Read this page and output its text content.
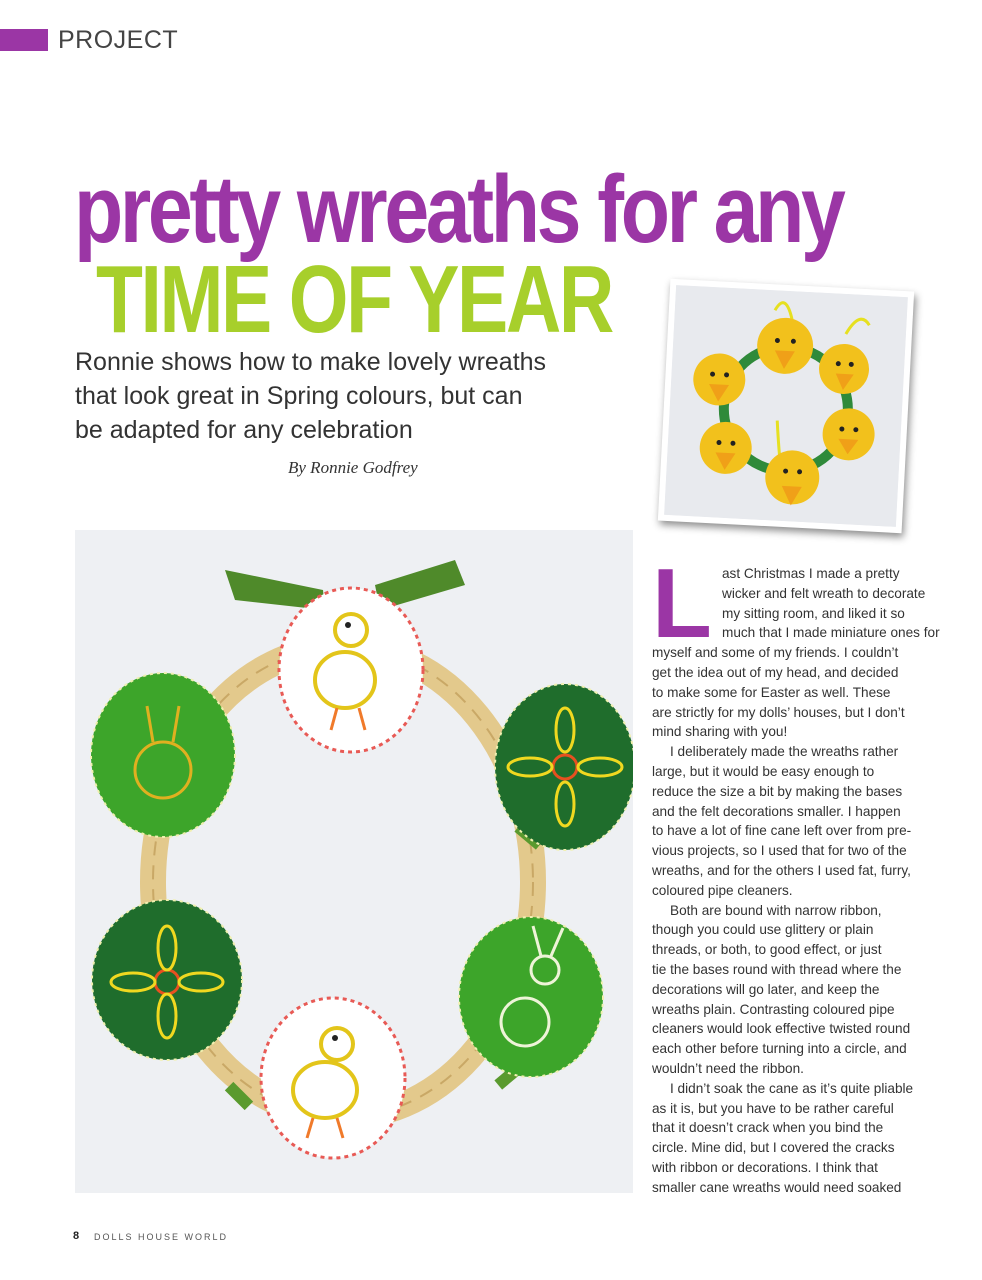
PROJECT
pretty wreaths for any
TIME OF YEAR
Ronnie shows how to make lovely wreaths
that look great in Spring colours, but can
be adapted for any celebration
By Ronnie Godfrey
L ast Christmas I made a pretty
wicker and felt wreath to decorate
my sitting room, and liked it so
much that I made miniature ones for
myself and some of my friends. I couldn’t
get the idea out of my head, and decided
to make some for Easter as well. These
are strictly for my dolls’ houses, but I don’t
mind sharing with you!
I deliberately made the wreaths rather
large, but it would be easy enough to
reduce the size a bit by making the bases
and the felt decorations smaller. I happen
to have a lot of fine cane left over from pre-
vious projects, so I used that for two of the
wreaths, and for the others I used fat, furry,
coloured pipe cleaners.
Both are bound with narrow ribbon,
though you could use glittery or plain
threads, or both, to good effect, or just
tie the bases round with thread where the
decorations will go later, and keep the
wreaths plain. Contrasting coloured pipe
cleaners would look effective twisted round
each other before turning into a circle, and
wouldn’t need the ribbon.
I didn’t soak the cane as it’s quite pliable
as it is, but you have to be rather careful
that it doesn’t crack when you bind the
circle. Mine did, but I covered the cracks
with ribbon or decorations. I think that
smaller cane wreaths would need soaked
8 DOLLS HOUSE WORLD
